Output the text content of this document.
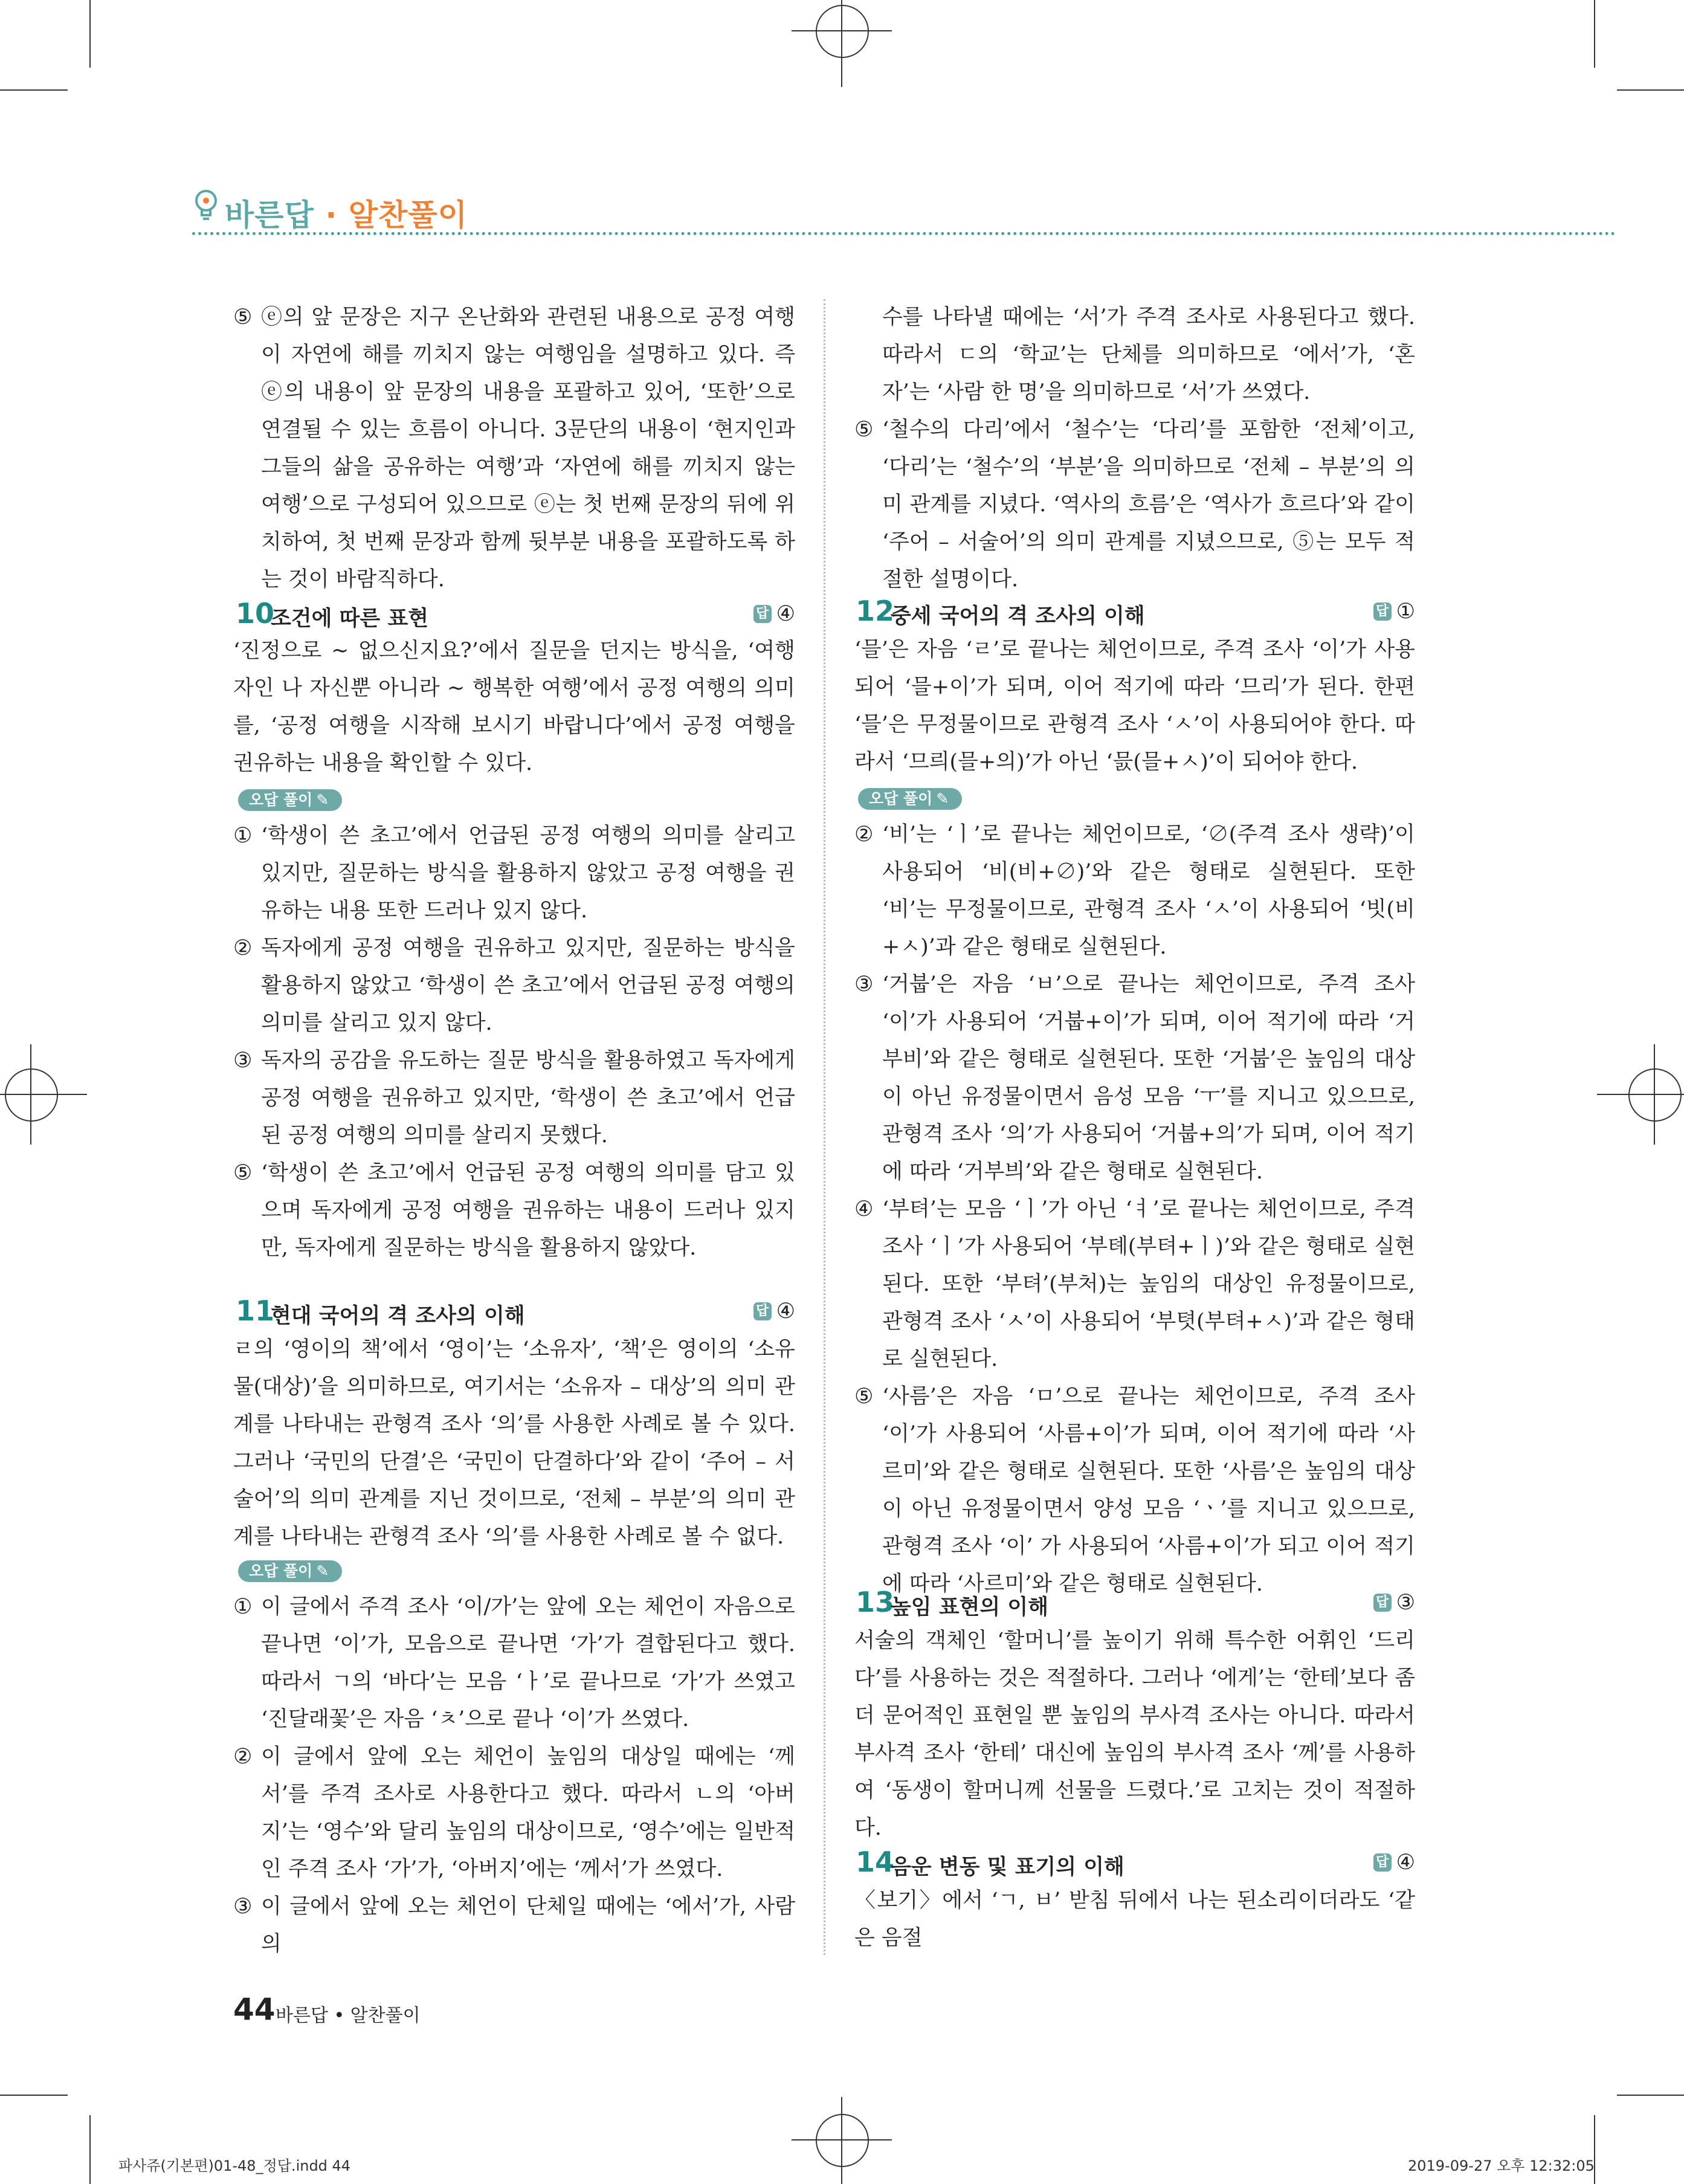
바른답 · 알찬풀이
⑤ ⓔ의 앞 문장은 지구 온난화와 관련된 내용으로 공정 여행이 자연에 해를 끼치지 않는 여행임을 설명하고 있다. 즉 ⓔ의 내용이 앞 문장의 내용을 포괄하고 있어, ‘또한’으로 연결될 수 있는 흐름이 아니다. 3문단의 내용이 ‘현지인과 그들의 삶을 공유하는 여행’과 ‘자연에 해를 끼치지 않는 여행’으로 구성되어 있으므로 ⓔ는 첫 번째 문장의 뒤에 위치하여, 첫 번째 문장과 함께 뒷부분 내용을 포괄하도록 하는 것이 바람직하다.
10
조건에 따른 표현	답 ④

‘진정으로 ~ 없으신지요?’에서 질문을 던지는 방식을, ‘여행자인 나 자신뿐 아니라 ~ 행복한 여행’에서 공정 여행의 의미를, ‘공정 여행을 시작해 보시기 바랍니다’에서 공정 여행을 권유하는 내용을 확인할 수 있다.

오답 풀이 ✎
① ‘학생이 쓴 초고’에서 언급된 공정 여행의 의미를 살리고 있지만, 질문하는 방식을 활용하지 않았고 공정 여행을 권유하는 내용 또한 드러나 있지 않다.
② 독자에게 공정 여행을 권유하고 있지만, 질문하는 방식을 활용하지 않았고 ‘학생이 쓴 초고’에서 언급된 공정 여행의 의미를 살리고 있지 않다.
③ 독자의 공감을 유도하는 질문 방식을 활용하였고 독자에게 공정 여행을 권유하고 있지만, ‘학생이 쓴 초고’에서 언급된 공정 여행의 의미를 살리지 못했다.
⑤ ‘학생이 쓴 초고’에서 언급된 공정 여행의 의미를 담고 있으며 독자에게 공정 여행을 권유하는 내용이 드러나 있지만, 독자에게 질문하는 방식을 활용하지 않았다.
11
현대 국어의 격 조사의 이해	답 ④

ㄹ의 ‘영이의 책’에서 ‘영이’는 ‘소유자’, ‘책’은 영이의 ‘소유물(대상)’을 의미하므로, 여기서는 ‘소유자 – 대상’의 의미 관계를 나타내는 관형격 조사 ‘의’를 사용한 사례로 볼 수 있다. 그러나 ‘국민의 단결’은 ‘국민이 단결하다’와 같이 ‘주어 – 서술어’의 의미 관계를 지닌 것이므로, ‘전체 – 부분’의 의미 관계를 나타내는 관형격 조사 ‘의’를 사용한 사례로 볼 수 없다.

오답 풀이 ✎
① 이 글에서 주격 조사 ‘이/가’는 앞에 오는 체언이 자음으로 끝나면 ‘이’가, 모음으로 끝나면 ‘가’가 결합된다고 했다. 따라서 ㄱ의 ‘바다’는 모음 ‘ㅏ’로 끝나므로 ‘가’가 쓰였고 ‘진달래꽃’은 자음 ‘ㅊ’으로 끝나 ‘이’가 쓰였다.
② 이 글에서 앞에 오는 체언이 높임의 대상일 때에는 ‘께서’를 주격 조사로 사용한다고 했다. 따라서 ㄴ의 ‘아버지’는 ‘영수’와 달리 높임의 대상이므로, ‘영수’에는 일반적인 주격 조사 ‘가’가, ‘아버지’에는 ‘께서’가 쓰였다.
③ 이 글에서 앞에 오는 체언이 단체일 때에는 ‘에서’가, 사람의
수를 나타낼 때에는 ‘서’가 주격 조사로 사용된다고 했다. 따라서 ㄷ의 ‘학교’는 단체를 의미하므로 ‘에서’가, ‘혼자’는 ‘사람 한 명’을 의미하므로 ‘서’가 쓰였다.
⑤ ‘철수의 다리’에서 ‘철수’는 ‘다리’를 포함한 ‘전체’이고, ‘다리’는 ‘철수’의 ‘부분’을 의미하므로 ‘전체 – 부분’의 의미 관계를 지녔다. ‘역사의 흐름’은 ‘역사가 흐르다’와 같이 ‘주어 – 서술어’의 의미 관계를 지녔으므로, ⑤는 모두 적절한 설명이다.
12
중세 국어의 격 조사의 이해	답 ①

‘믈’은 자음 ‘ㄹ’로 끝나는 체언이므로, 주격 조사 ‘이’가 사용되어 ‘믈+이’가 되며, 이어 적기에 따라 ‘므리’가 된다. 한편 ‘믈’은 무정물이므로 관형격 조사 ‘ㅅ’이 사용되어야 한다. 따라서 ‘므릐(믈+의)’가 아닌 ‘믌(믈+ㅅ)’이 되어야 한다.

오답 풀이 ✎
② ‘비’는 ‘ㅣ’로 끝나는 체언이므로, ‘∅(주격 조사 생략)’이 사용되어 ‘비(비+∅)’와 같은 형태로 실현된다. 또한 ‘비’는 무정물이므로, 관형격 조사 ‘ㅅ’이 사용되어 ‘빗(비+ㅅ)’과 같은 형태로 실현된다.
③ ‘거붑’은 자음 ‘ㅂ’으로 끝나는 체언이므로, 주격 조사 ‘이’가 사용되어 ‘거붑+이’가 되며, 이어 적기에 따라 ‘거부비’와 같은 형태로 실현된다. 또한 ‘거붑’은 높임의 대상이 아닌 유정물이면서 음성 모음 ‘ㅜ’를 지니고 있으므로, 관형격 조사 ‘의’가 사용되어 ‘거붑+의’가 되며, 이어 적기에 따라 ‘거부븨’와 같은 형태로 실현된다.
④ ‘부텨’는 모음 ‘ㅣ’가 아닌 ‘ㅕ’로 끝나는 체언이므로, 주격 조사 ‘ㅣ’가 사용되어 ‘부톄(부텨+ㅣ)’와 같은 형태로 실현된다. 또한 ‘부텨’(부처)는 높임의 대상인 유정물이므로, 관형격 조사 ‘ㅅ’이 사용되어 ‘부텻(부텨+ㅅ)’과 같은 형태로 실현된다.
⑤ ‘사름’은 자음 ‘ㅁ’으로 끝나는 체언이므로, 주격 조사 ‘이’가 사용되어 ‘사름+이’가 되며, 이어 적기에 따라 ‘사르미’와 같은 형태로 실현된다. 또한 ‘사름’은 높임의 대상이 아닌 유정물이면서 양성 모음 ‘ㆍ’를 지니고 있으므로, 관형격 조사 ‘이’ 가 사용되어 ‘사름+이’가 되고 이어 적기에 따라 ‘사르미’와 같은 형태로 실현된다.
13
높임 표현의 이해	답 ③

서술의 객체인 ‘할머니’를 높이기 위해 특수한 어휘인 ‘드리다’를 사용하는 것은 적절하다. 그러나 ‘에게’는 ‘한테’보다 좀 더 문어적인 표현일 뿐 높임의 부사격 조사는 아니다. 따라서 부사격 조사 ‘한테’ 대신에 높임의 부사격 조사 ‘께’를 사용하여 ‘동생이 할머니께 선물을 드렸다.’로 고치는 것이 적절하다.

14
음운 변동 및 표기의 이해	답 ④

〈보기〉에서 ‘ㄱ, ㅂ’ 받침 뒤에서 나는 된소리이더라도 ‘같은 음절

44 바른답 • 알찬풀이
파사쥬(기본편)01-48_정답.indd 44	2019-09-27 오후 12:32:05
